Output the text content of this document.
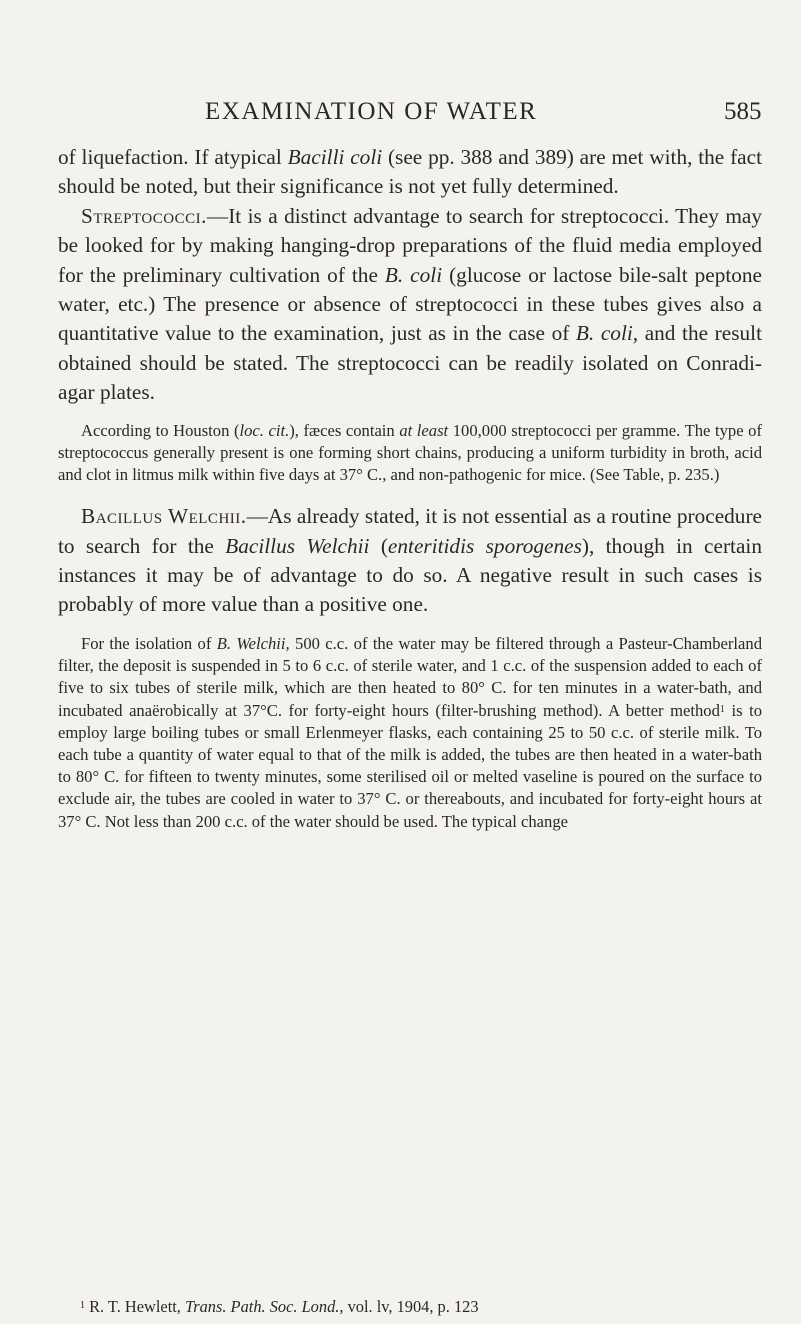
EXAMINATION OF WATER	585

of liquefaction. If atypical Bacilli coli (see pp. 388 and 389) are met with, the fact should be noted, but their significance is not yet fully determined.

Streptococci.—It is a distinct advantage to search for streptococci. They may be looked for by making hanging-drop preparations of the fluid media employed for the preliminary cultivation of the B. coli (glucose or lactose bile-salt peptone water, etc.) The presence or absence of streptococci in these tubes gives also a quantitative value to the examination, just as in the case of B. coli, and the result obtained should be stated. The streptococci can be readily isolated on Conradi-agar plates.

According to Houston (loc. cit.), fæces contain at least 100,000 streptococci per gramme. The type of streptococcus generally present is one forming short chains, producing a uniform turbidity in broth, acid and clot in litmus milk within five days at 37° C., and non-pathogenic for mice. (See Table, p. 235.)

Bacillus Welchii.—As already stated, it is not essential as a routine procedure to search for the Bacillus Welchii (enteritidis sporogenes), though in certain instances it may be of advantage to do so. A negative result in such cases is probably of more value than a positive one.

For the isolation of B. Welchii, 500 c.c. of the water may be filtered through a Pasteur-Chamberland filter, the deposit is suspended in 5 to 6 c.c. of sterile water, and 1 c.c. of the suspension added to each of five to six tubes of sterile milk, which are then heated to 80° C. for ten minutes in a water-bath, and incubated anaërobically at 37°C. for forty-eight hours (filter-brushing method). A better method$^1$ is to employ large boiling tubes or small Erlenmeyer flasks, each containing 25 to 50 c.c. of sterile milk. To each tube a quantity of water equal to that of the milk is added, the tubes are then heated in a water-bath to 80° C. for fifteen to twenty minutes, some sterilised oil or melted vaseline is poured on the surface to exclude air, the tubes are cooled in water to 37° C. or thereabouts, and incubated for forty-eight hours at 37° C. Not less than 200 c.c. of the water should be used. The typical change

$^1$ R. T. Hewlett, Trans. Path. Soc. Lond., vol. lv, 1904, p. 123
